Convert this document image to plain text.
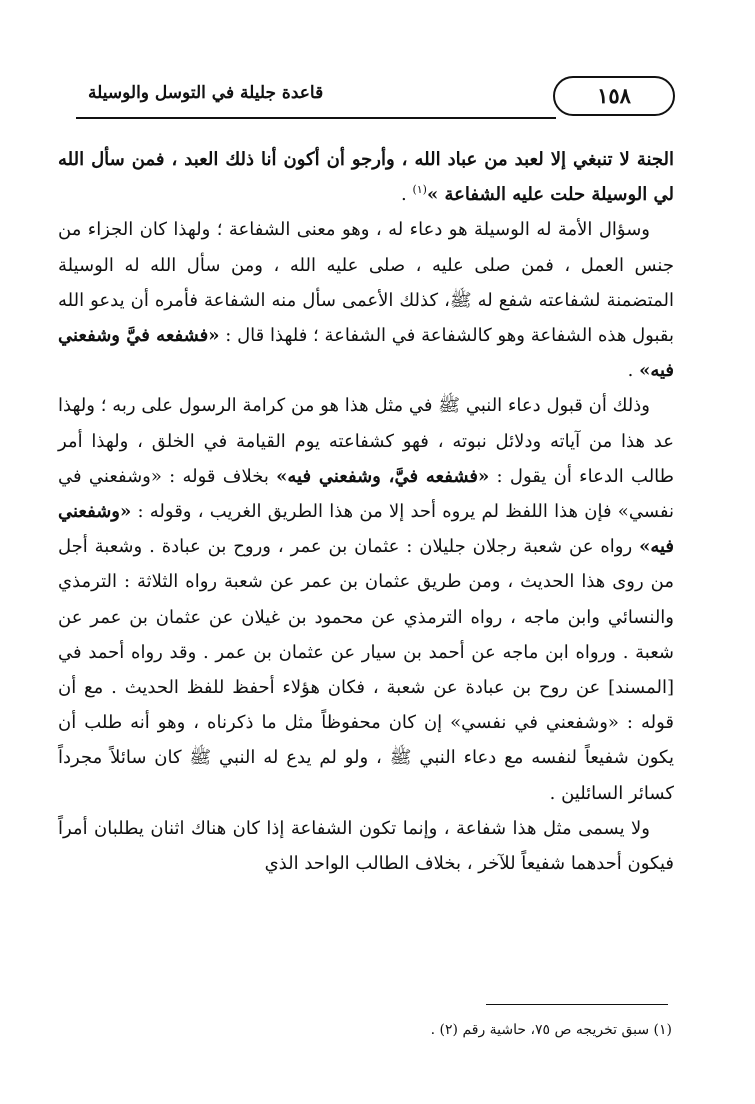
١٥٨
قاعدة جليلة في التوسل والوسيلة

الجنة لا تنبغي إلا لعبد من عباد الله ، وأرجو أن أكون أنا ذلك العبد ، فمن سأل الله لي الوسيلة حلت عليه الشفاعة »$^{(١)}$ .

وسؤال الأمة له الوسيلة هو دعاء له ، وهو معنى الشفاعة ؛ ولهذا كان الجزاء من جنس العمل ، فمن صلى عليه ، صلى عليه الله ، ومن سأل الله له الوسيلة المتضمنة لشفاعته شفع له ﷺ، كذلك الأعمى سأل منه الشفاعة فأمره أن يدعو الله بقبول هذه الشفاعة وهو كالشفاعة في الشفاعة ؛ فلهذا قال : «فشفعه فيَّ وشفعني فيه» .

وذلك أن قبول دعاء النبي ﷺ في مثل هذا هو من كرامة الرسول على ربه ؛ ولهذا عد هذا من آياته ودلائل نبوته ، فهو كشفاعته يوم القيامة في الخلق ، ولهذا أمر طالب الدعاء أن يقول : «فشفعه فيَّ، وشفعني فيه» بخلاف قوله : «وشفعني في نفسي» فإن هذا اللفظ لم يروه أحد إلا من هذا الطريق الغريب ، وقوله : «وشفعني فيه» رواه عن شعبة رجلان جليلان : عثمان بن عمر ، وروح بن عبادة . وشعبة أجل من روى هذا الحديث ، ومن طريق عثمان بن عمر عن شعبة رواه الثلاثة : الترمذي والنسائي وابن ماجه ، رواه الترمذي عن محمود بن غيلان عن عثمان بن عمر عن شعبة . ورواه ابن ماجه عن أحمد بن سيار عن عثمان بن عمر . وقد رواه أحمد في [المسند] عن روح بن عبادة عن شعبة ، فكان هؤلاء أحفظ للفظ الحديث . مع أن قوله : «وشفعني في نفسي» إن كان محفوظاً مثل ما ذكرناه ، وهو أنه طلب أن يكون شفيعاً لنفسه مع دعاء النبي ﷺ ، ولو لم يدع له النبي ﷺ كان سائلاً مجرداً كسائر السائلين .

ولا يسمى مثل هذا شفاعة ، وإنما تكون الشفاعة إذا كان هناك اثنان يطلبان أمراً فيكون أحدهما شفيعاً للآخر ، بخلاف الطالب الواحد الذي

(١) سبق تخريجه ص ٧٥، حاشية رقم (٢) .
